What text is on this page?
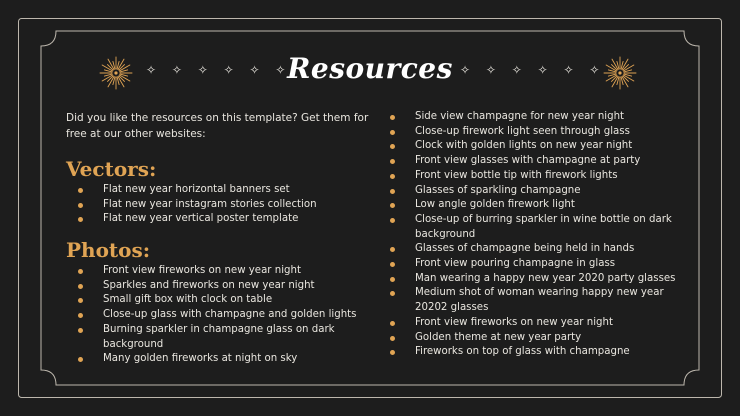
✧ ✧ ✧ ✧ ✧ ✧	✧ ✧ ✧ ✧ ✧ ✧
Resources
Did you like the resources on this template? Get them for free at our other websites:
Vectors:
Flat new year horizontal banners set
Flat new year instagram stories collection
Flat new year vertical poster template
Photos:
Front view fireworks on new year night
Sparkles and fireworks on new year night
Small gift box with clock on table
Close-up glass with champagne and golden lights
Burning sparkler in champagne glass on dark background
Many golden fireworks at night on sky
Side view champagne for new year night
Close-up firework light seen through glass
Clock with golden lights on new year night
Front view glasses with champagne at party
Front view bottle tip with firework lights
Glasses of sparkling champagne
Low angle golden firework light
Close-up of burring sparkler in wine bottle on dark background
Glasses of champagne being held in hands
Front view pouring champagne in glass
Man wearing a happy new year 2020 party glasses
Medium shot of woman wearing happy new year 20202 glasses
Front view fireworks on new year night
Golden theme at new year party
Fireworks on top of glass with champagne
